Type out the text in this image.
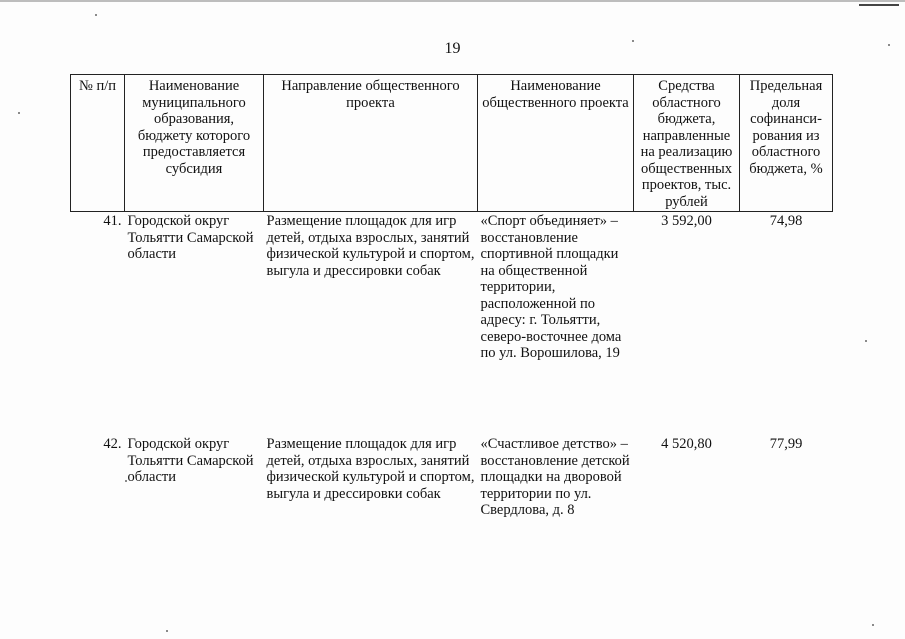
19
№ п/п	Наименование муниципального образования, бюджету которого предоставляется субсидия	Направление общественного проекта	Наименование общественного проекта	Средства областного бюджета, направленные на реализацию общественных проектов, тыс. рублей	Предельная доля софинанси-рования из областного бюджета, %
41.	Городской округ Тольятти Самарской области	Размещение площадок для игр детей, отдыха взрослых, занятий физической культурой и спортом, выгула и дрессировки собак	«Спорт объединяет» – восстановление спортивной площадки на общественной территории, расположенной по адресу: г. Тольятти, северо-восточнее дома по ул. Ворошилова, 19	3 592,00	74,98
42.	Городской округ Тольятти Самарской области	Размещение площадок для игр детей, отдыха взрослых, занятий физической культурой и спортом, выгула и дрессировки собак	«Счастливое детство» – восстановление детской площадки на дворовой территории по ул. Свердлова, д. 8	4 520,80	77,99
